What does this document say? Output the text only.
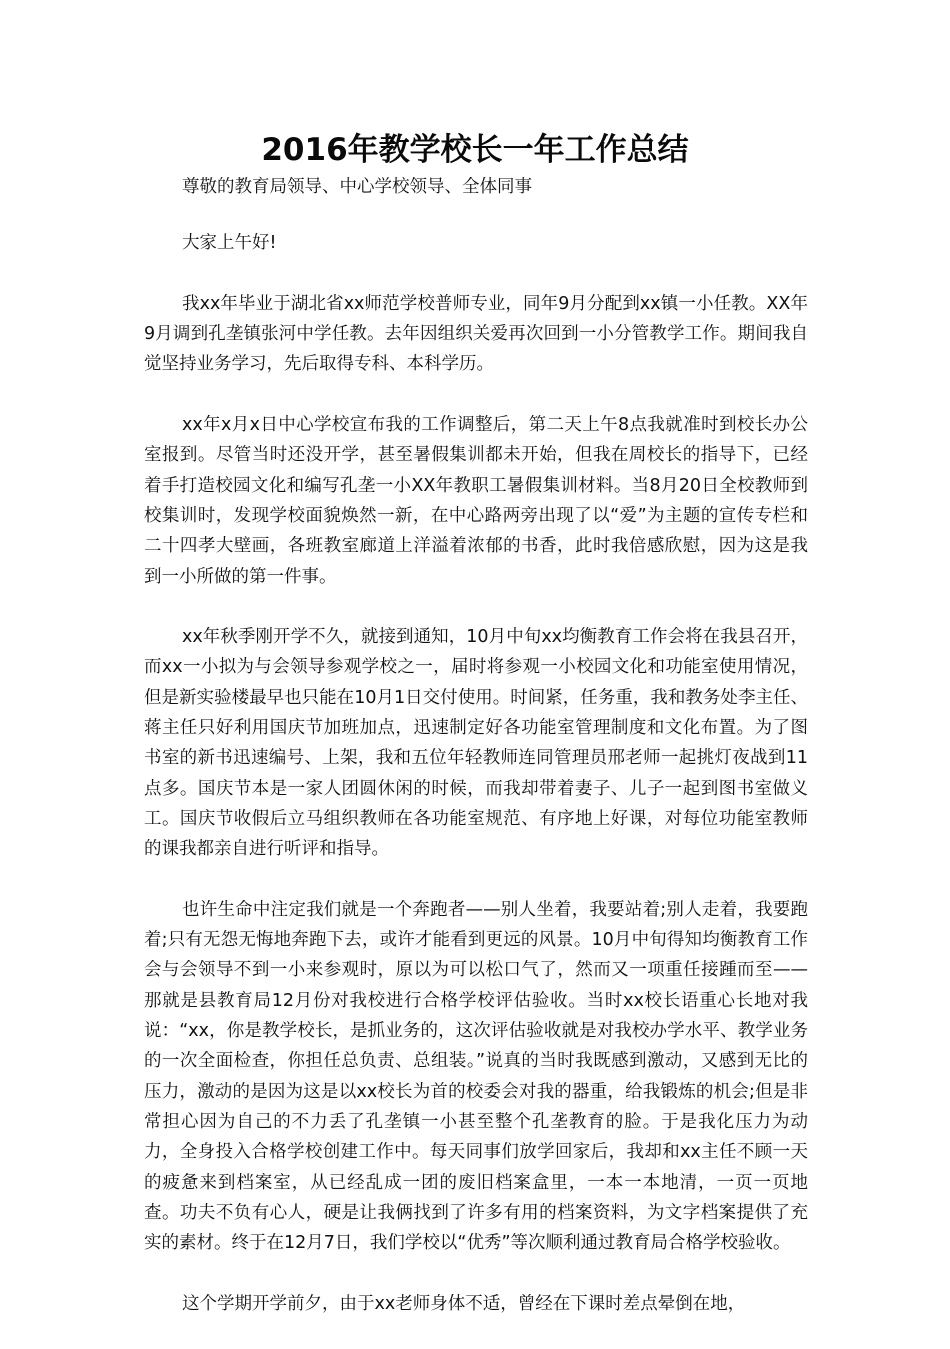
2016年教学校长一年工作总结

尊敬的教育局领导、中心学校领导、全体同事

大家上午好!

我xx年毕业于湖北省xx师范学校普师专业，同年9月分配到xx镇一小任教。XX年9月调到孔垄镇张河中学任教。去年因组织关爱再次回到一小分管教学工作。期间我自觉坚持业务学习，先后取得专科、本科学历。

xx年x月x日中心学校宣布我的工作调整后，第二天上午8点我就准时到校长办公室报到。尽管当时还没开学，甚至暑假集训都未开始，但我在周校长的指导下，已经着手打造校园文化和编写孔垄一小XX年教职工暑假集训材料。当8月20日全校教师到校集训时，发现学校面貌焕然一新，在中心路两旁出现了以“爱”为主题的宣传专栏和二十四孝大壁画，各班教室廊道上洋溢着浓郁的书香，此时我倍感欣慰，因为这是我到一小所做的第一件事。

xx年秋季刚开学不久，就接到通知，10月中旬xx均衡教育工作会将在我县召开，而xx一小拟为与会领导参观学校之一，届时将参观一小校园文化和功能室使用情况，但是新实验楼最早也只能在10月1日交付使用。时间紧，任务重，我和教务处李主任、蒋主任只好利用国庆节加班加点，迅速制定好各功能室管理制度和文化布置。为了图书室的新书迅速编号、上架，我和五位年轻教师连同管理员邢老师一起挑灯夜战到11点多。国庆节本是一家人团圆休闲的时候，而我却带着妻子、儿子一起到图书室做义工。国庆节收假后立马组织教师在各功能室规范、有序地上好课，对每位功能室教师的课我都亲自进行听评和指导。

也许生命中注定我们就是一个奔跑者——别人坐着，我要站着;别人走着，我要跑着;只有无怨无悔地奔跑下去，或许才能看到更远的风景。10月中旬得知均衡教育工作会与会领导不到一小来参观时，原以为可以松口气了，然而又一项重任接踵而至——那就是县教育局12月份对我校进行合格学校评估验收。当时xx校长语重心长地对我说：“xx，你是教学校长，是抓业务的，这次评估验收就是对我校办学水平、教学业务的一次全面检查，你担任总负责、总组装。”说真的当时我既感到激动，又感到无比的压力，激动的是因为这是以xx校长为首的校委会对我的器重，给我锻炼的机会;但是非常担心因为自己的不力丢了孔垄镇一小甚至整个孔垄教育的脸。于是我化压力为动力，全身投入合格学校创建工作中。每天同事们放学回家后，我却和xx主任不顾一天的疲惫来到档案室，从已经乱成一团的废旧档案盒里，一本一本地清，一页一页地查。功夫不负有心人，硬是让我俩找到了许多有用的档案资料，为文字档案提供了充实的素材。终于在12月7日，我们学校以“优秀”等次顺利通过教育局合格学校验收。

这个学期开学前夕，由于xx老师身体不适，曾经在下课时差点晕倒在地，
